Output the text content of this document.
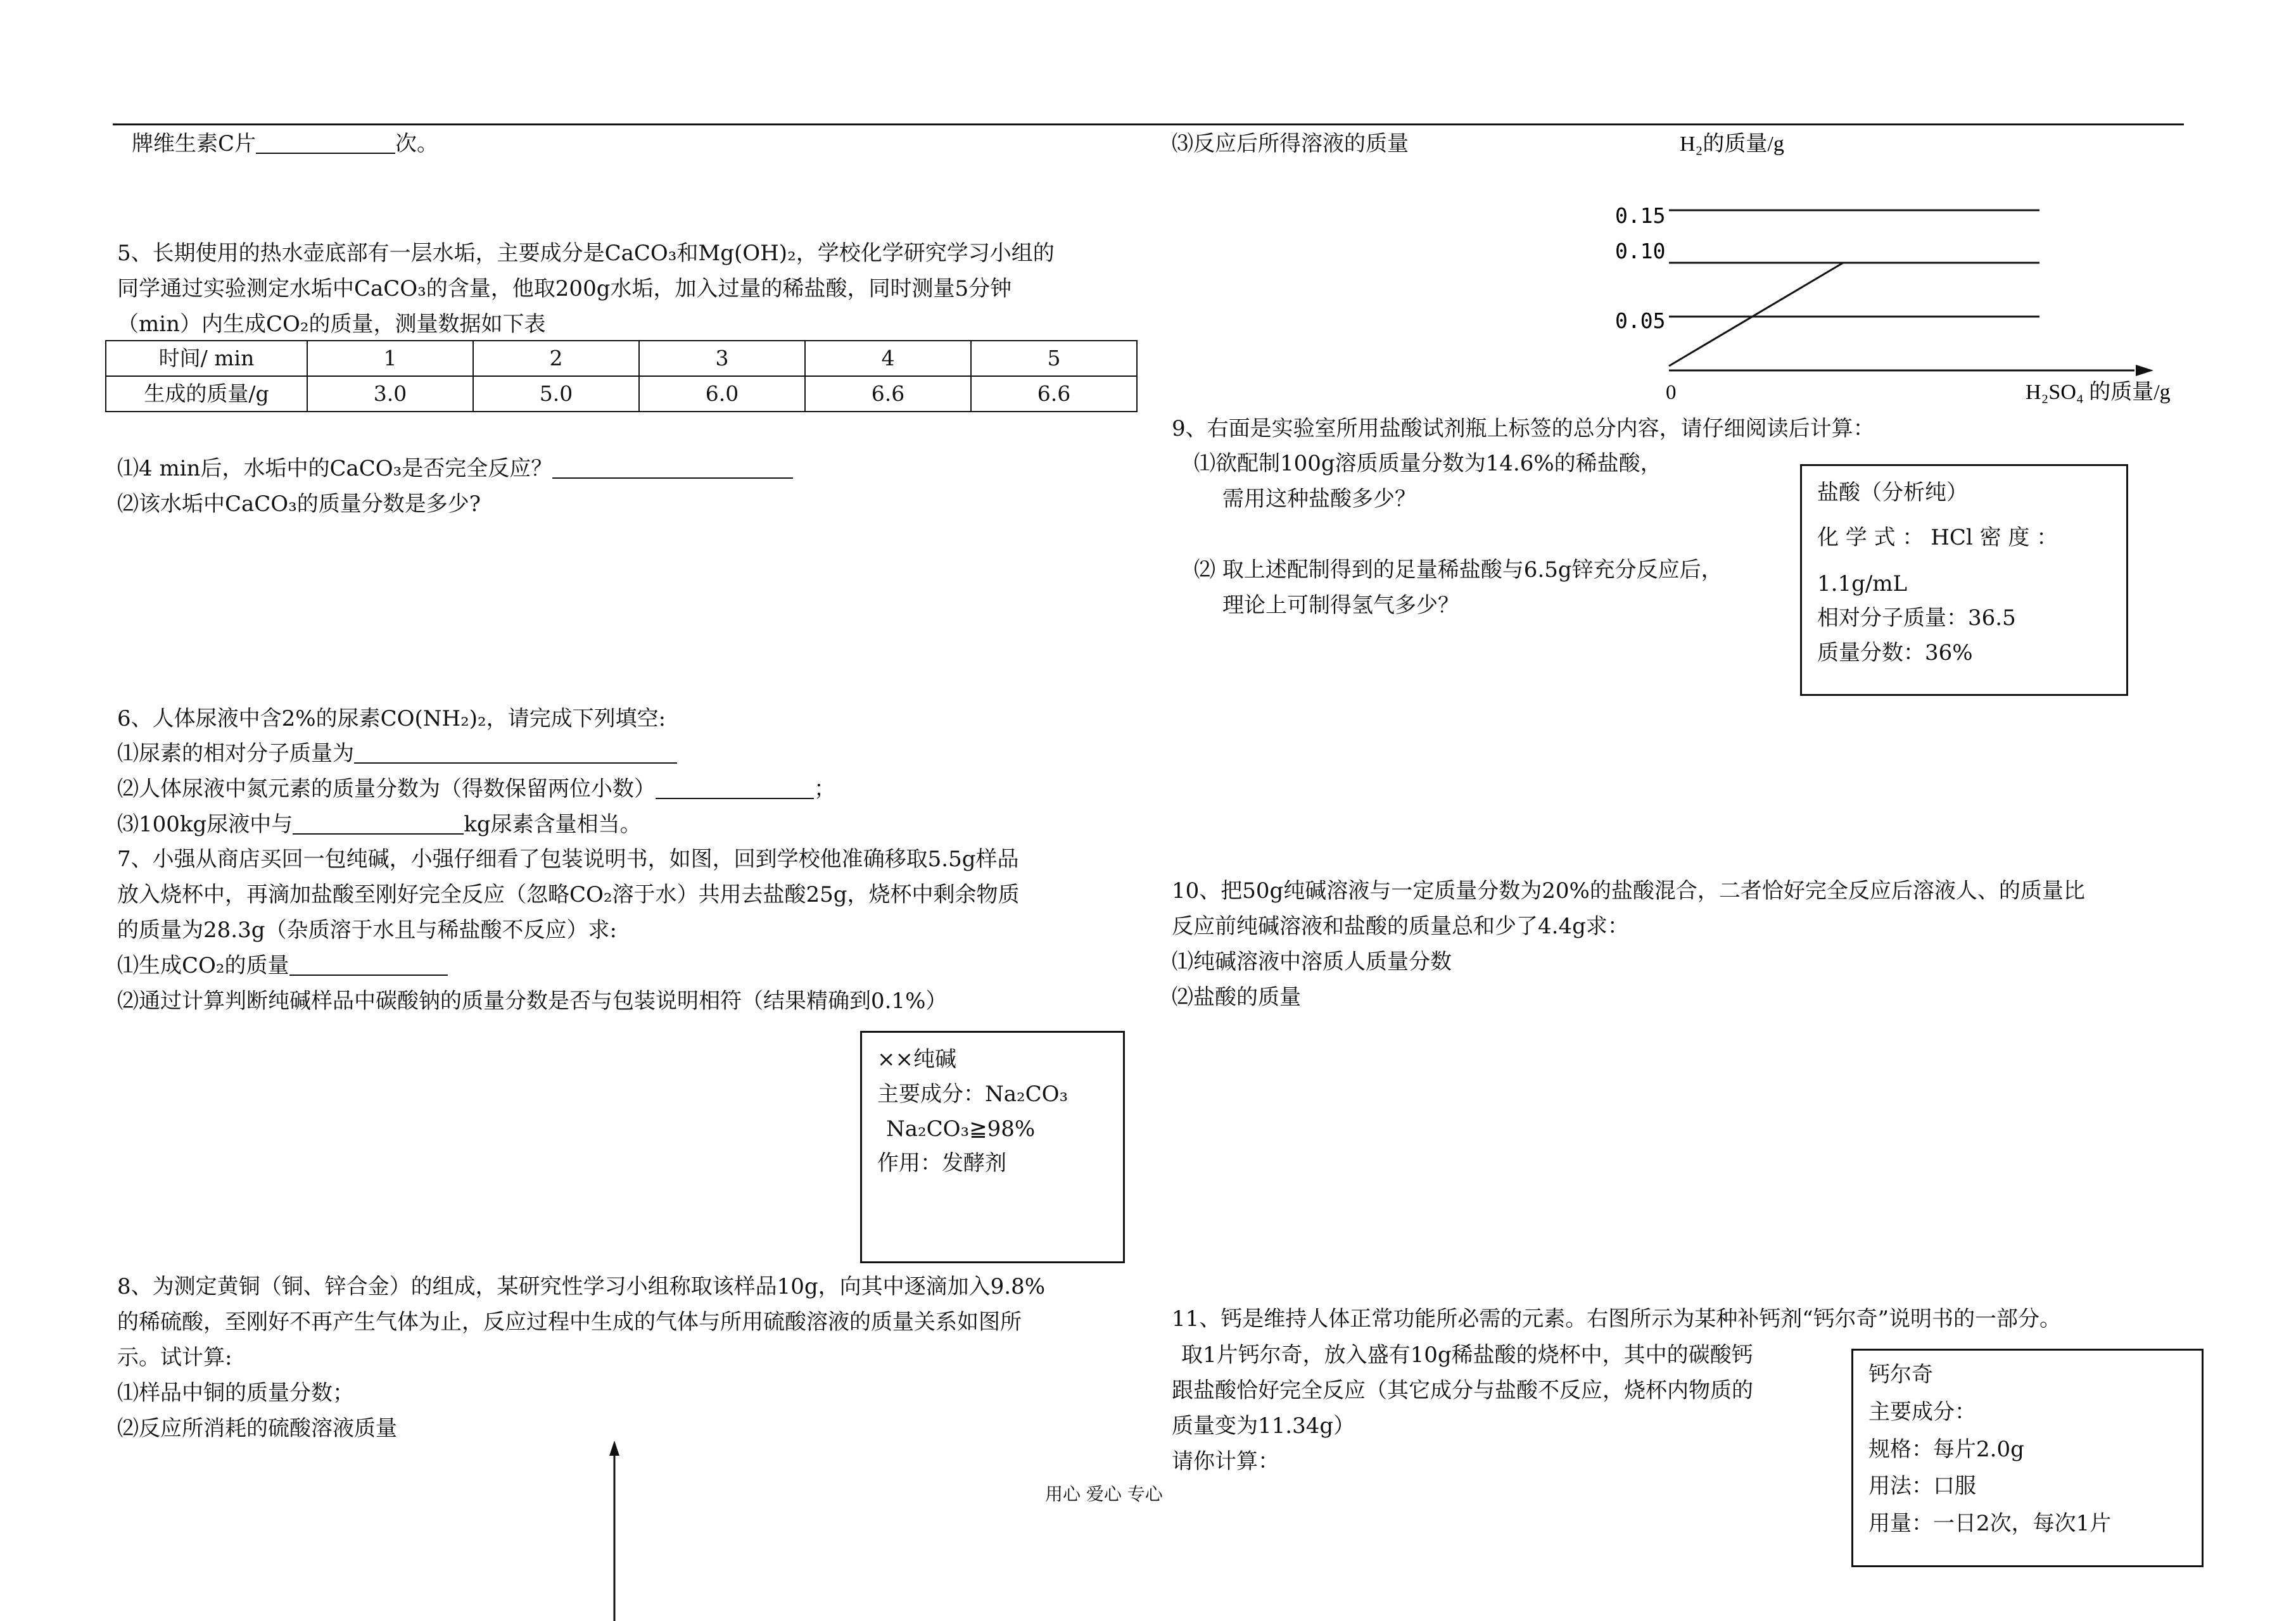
牌维生素C片	次。
5、长期使用的热水壶底部有一层水垢，主要成分是CaCO₃和Mg(OH)₂，学校化学研究学习小组的
同学通过实验测定水垢中CaCO₃的含量，他取200g水垢，加入过量的稀盐酸，同时测量5分钟
（min）内生成CO₂的质量，测量数据如下表
时间/ min	1	2	3	4	5
生成的质量/g	3.0	5.0	6.0	6.6	6.6
⑴4 min后，水垢中的CaCO₃是否完全反应？
⑵该水垢中CaCO₃的质量分数是多少?
6、人体尿液中含2%的尿素CO(NH₂)₂，请完成下列填空:
⑴尿素的相对分子质量为
⑵人体尿液中氮元素的质量分数为（得数保留两位小数）	；
⑶100kg尿液中与	kg尿素含量相当。
7、小强从商店买回一包纯碱，小强仔细看了包装说明书，如图，回到学校他准确移取5.5g样品
放入烧杯中，再滴加盐酸至刚好完全反应（忽略CO₂溶于水）共用去盐酸25g，烧杯中剩余物质
的质量为28.3g（杂质溶于水且与稀盐酸不反应）求:
⑴生成CO₂的质量
⑵通过计算判断纯碱样品中碳酸钠的质量分数是否与包装说明相符（结果精确到0.1%）
××纯碱
主要成分：Na₂CO₃
Na₂CO₃≧98%
作用：发酵剂
8、为测定黄铜（铜、锌合金）的组成，某研究性学习小组称取该样品10g，向其中逐滴加入9.8%
的稀硫酸，至刚好不再产生气体为止，反应过程中生成的气体与所用硫酸溶液的质量关系如图所
示。试计算:
⑴样品中铜的质量分数；
⑵反应所消耗的硫酸溶液质量
⑶反应后所得溶液的质量	H₂的质量/g
0.15
0.10
0.05
0	H₂SO₄ 的质量/g
9、右面是实验室所用盐酸试剂瓶上标签的总分内容，请仔细阅读后计算：
⑴欲配制100g溶质质量分数为14.6%的稀盐酸，
需用这种盐酸多少？
⑵ 取上述配制得到的足量稀盐酸与6.5g锌充分反应后，
理论上可制得氢气多少？
盐酸（分析纯）
化 学 式 ： HCl 密 度 ：
1.1g/mL
相对分子质量：36.5
质量分数：36%
10、把50g纯碱溶液与一定质量分数为20%的盐酸混合，二者恰好完全反应后溶液人、的质量比
反应前纯碱溶液和盐酸的质量总和少了4.4g求：
⑴纯碱溶液中溶质人质量分数
⑵盐酸的质量
11、钙是维持人体正常功能所必需的元素。右图所示为某种补钙剂“钙尔奇”说明书的一部分。
取1片钙尔奇，放入盛有10g稀盐酸的烧杯中，其中的碳酸钙
跟盐酸恰好完全反应（其它成分与盐酸不反应，烧杯内物质的
质量变为11.34g）
请你计算：
钙尔奇
主要成分：
规格：每片2.0g
用法：口服
用量：一日2次，每次1片
用心 爱心 专心
